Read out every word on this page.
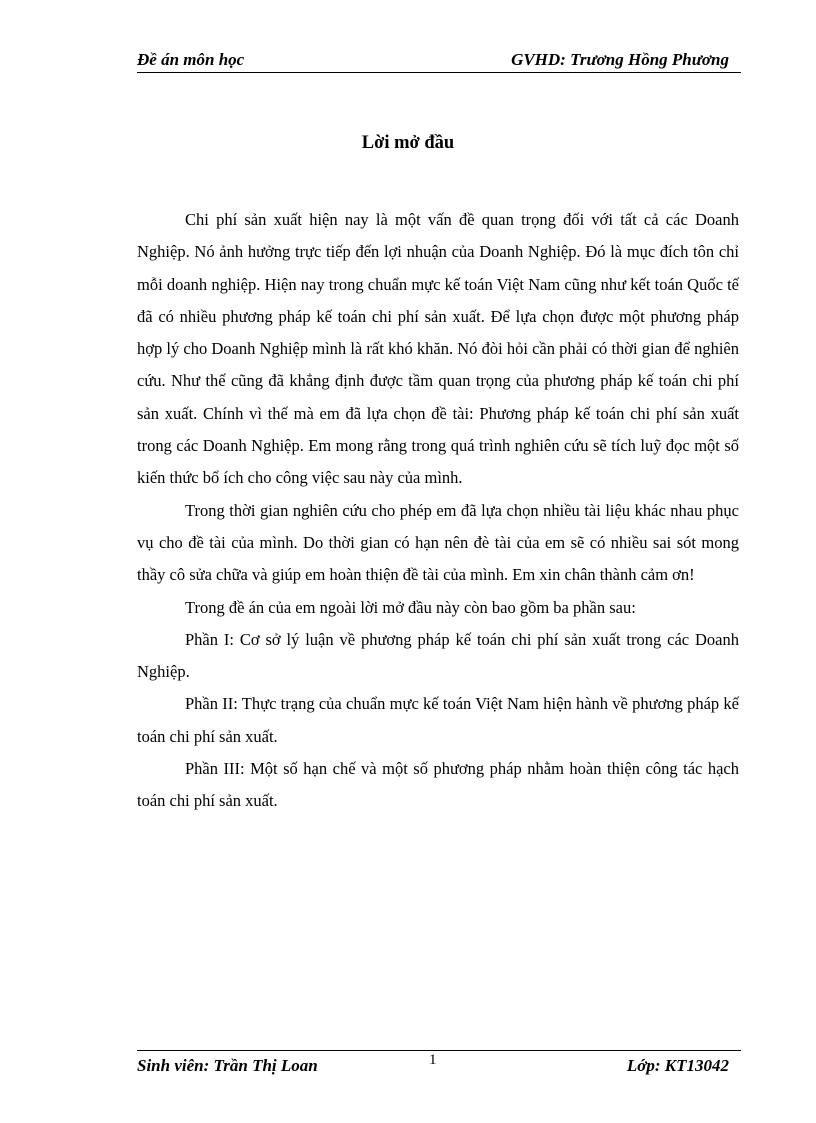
Đề án môn học	GVHD: Trương Hồng Phương
Lời mở đầu

Chi phí sản xuất hiện nay là một vấn đề quan trọng đối với tất cả các Doanh Nghiệp. Nó ảnh hưởng trực tiếp đến lợi nhuận của Doanh Nghiệp. Đó là mục đích tôn chỉ mỗi doanh nghiệp. Hiện nay trong chuẩn mực kế toán Việt Nam cũng như kết toán Quốc tế đã có nhiều phương pháp kế toán chi phí sản xuất. Để lựa chọn được một phương pháp hợp lý cho Doanh Nghiệp mình là rất khó khăn. Nó đòi hỏi cần phải có thời gian để nghiên cứu. Như thế cũng đã khẳng định được tầm quan trọng của phương pháp kế toán chi phí sản xuất. Chính vì thế mà em đã lựa chọn đề tài: Phương pháp kế toán chi phí sản xuất trong các Doanh Nghiệp. Em mong rằng trong quá trình nghiên cứu sẽ tích luỹ đọc một số kiến thức bổ ích cho công việc sau này của mình.

Trong thời gian nghiên cứu cho phép em đã lựa chọn nhiều tài liệu khác nhau phục vụ cho đề tài của mình. Do thời gian có hạn nên đè tài của em sẽ có nhiều sai sót mong thầy cô sửa chữa và giúp em hoàn thiện đề tài của mình. Em xin chân thành cảm ơn!

Trong đề án của em ngoài lời mở đầu này còn bao gồm ba phần sau:

Phần I: Cơ sở lý luận về phương pháp kế toán chi phí sản xuất trong các Doanh Nghiệp.

Phần II: Thực trạng của chuẩn mực kế toán Việt Nam hiện hành về phương pháp kế toán chi phí sản xuất.

Phần III: Một số hạn chế và một số phương pháp nhằm hoàn thiện công tác hạch toán chi phí sản xuất.

Sinh viên: Trần Thị Loan	1	Lớp: KT13042
